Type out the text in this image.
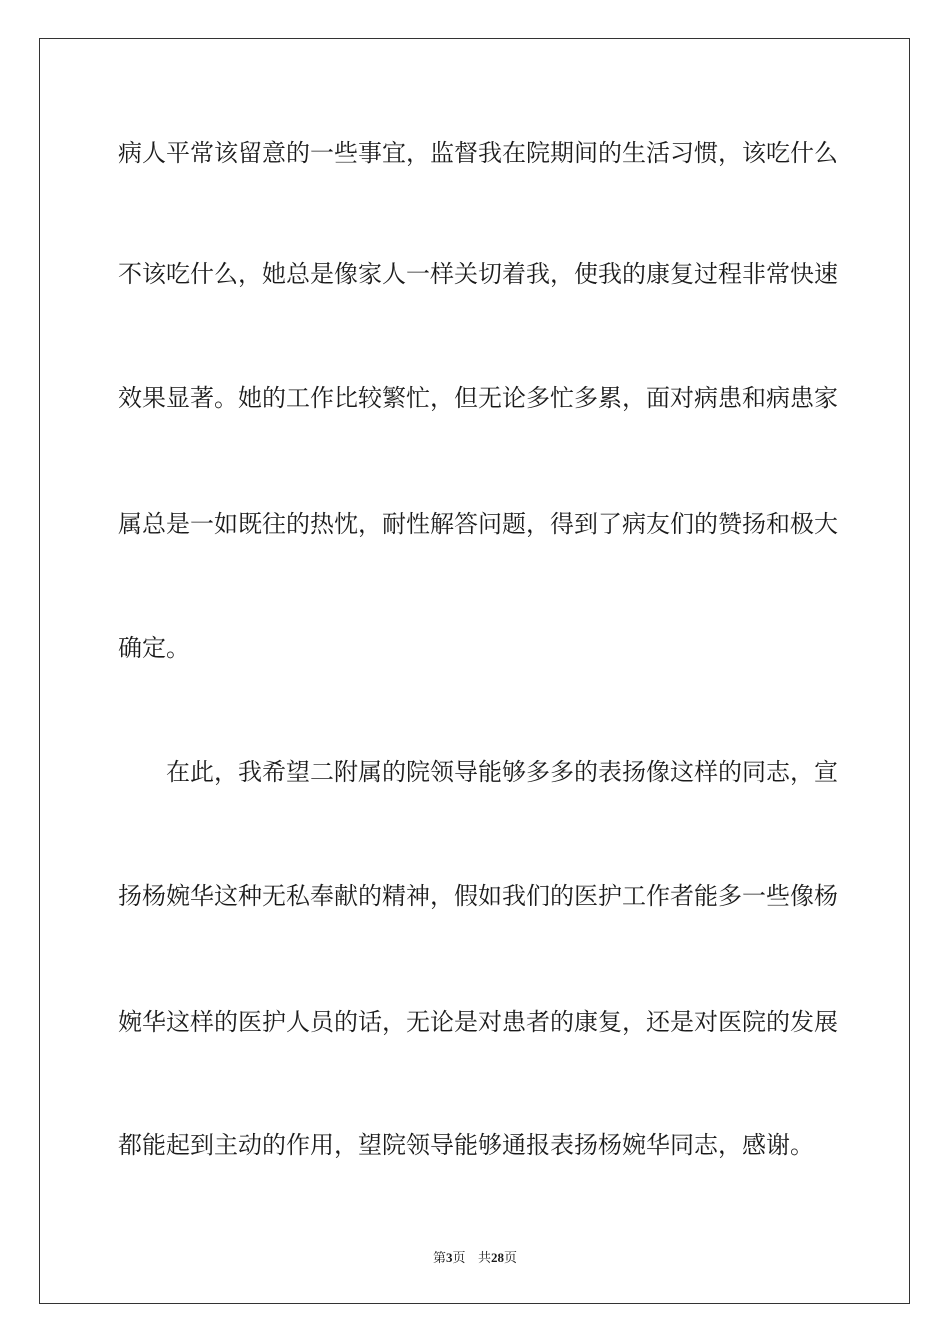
病人平常该留意的一些事宜，监督我在院期间的生活习惯，该吃什么
不该吃什么，她总是像家人一样关切着我，使我的康复过程非常快速
效果显著。她的工作比较繁忙，但无论多忙多累，面对病患和病患家
属总是一如既往的热忱，耐性解答问题，得到了病友们的赞扬和极大
确定。
在此，我希望二附属的院领导能够多多的表扬像这样的同志，宣
扬杨婉华这种无私奉献的精神，假如我们的医护工作者能多一些像杨
婉华这样的医护人员的话，无论是对患者的康复，还是对医院的发展
都能起到主动的作用，望院领导能够通报表扬杨婉华同志，感谢。
第3页 共28页
